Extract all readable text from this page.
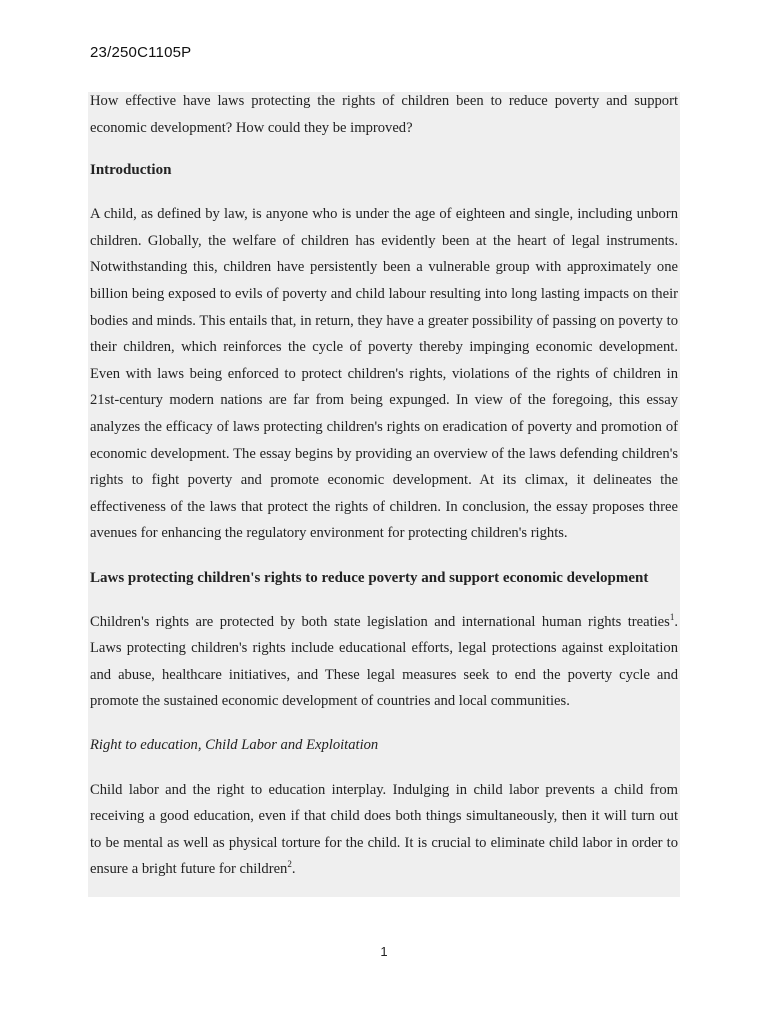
23/250C1105P

How effective have laws protecting the rights of children been to reduce poverty and support economic development? How could they be improved?

Introduction

A child, as defined by law, is anyone who is under the age of eighteen and single, including unborn children. Globally, the welfare of children has evidently been at the heart of legal instruments. Notwithstanding this, children have persistently been a vulnerable group with approximately one billion being exposed to evils of poverty and child labour resulting into long lasting impacts on their bodies and minds. This entails that, in return, they have a greater possibility of passing on poverty to their children, which reinforces the cycle of poverty thereby impinging economic development. Even with laws being enforced to protect children's rights, violations of the rights of children in 21st-century modern nations are far from being expunged. In view of the foregoing, this essay analyzes the efficacy of laws protecting children's rights on eradication of poverty and promotion of economic development. The essay begins by providing an overview of the laws defending children's rights to fight poverty and promote economic development. At its climax, it delineates the effectiveness of the laws that protect the rights of children. In conclusion, the essay proposes three avenues for enhancing the regulatory environment for protecting children's rights.

Laws protecting children's rights to reduce poverty and support economic development

Children's rights are protected by both state legislation and international human rights treaties$^1$. Laws protecting children's rights include educational efforts, legal protections against exploitation and abuse, healthcare initiatives, and These legal measures seek to end the poverty cycle and promote the sustained economic development of countries and local communities.

Right to education, Child Labor and Exploitation

Child labor and the right to education interplay. Indulging in child labor prevents a child from receiving a good education, even if that child does both things simultaneously, then it will turn out to be mental as well as physical torture for the child. It is crucial to eliminate child labor in order to ensure a bright future for children$^2$.

1
